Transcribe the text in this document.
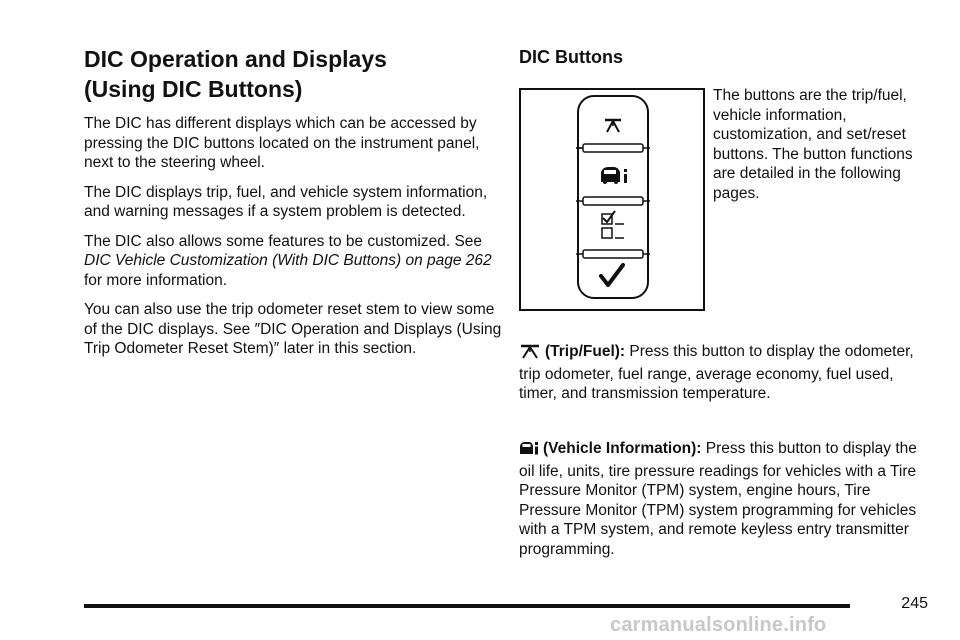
DIC Operation and Displays
(Using DIC Buttons)

The DIC has different displays which can be accessed by pressing the DIC buttons located on the instrument panel, next to the steering wheel.

The DIC displays trip, fuel, and vehicle system information, and warning messages if a system problem is detected.

The DIC also allows some features to be customized. See DIC Vehicle Customization (With DIC Buttons) on page 262 for more information.

You can also use the trip odometer reset stem to view some of the DIC displays. See ″DIC Operation and Displays (Using Trip Odometer Reset Stem)″ later in this section.

DIC Buttons

The buttons are the trip/fuel, vehicle information, customization, and set/reset buttons. The button functions are detailed in the following pages.

(Trip/Fuel): Press this button to display the odometer, trip odometer, fuel range, average economy, fuel used, timer, and transmission temperature.

(Vehicle Information): Press this button to display the oil life, units, tire pressure readings for vehicles with a Tire Pressure Monitor (TPM) system, engine hours, Tire Pressure Monitor (TPM) system programming for vehicles with a TPM system, and remote keyless entry transmitter programming.

245
carmanualsonline.info
